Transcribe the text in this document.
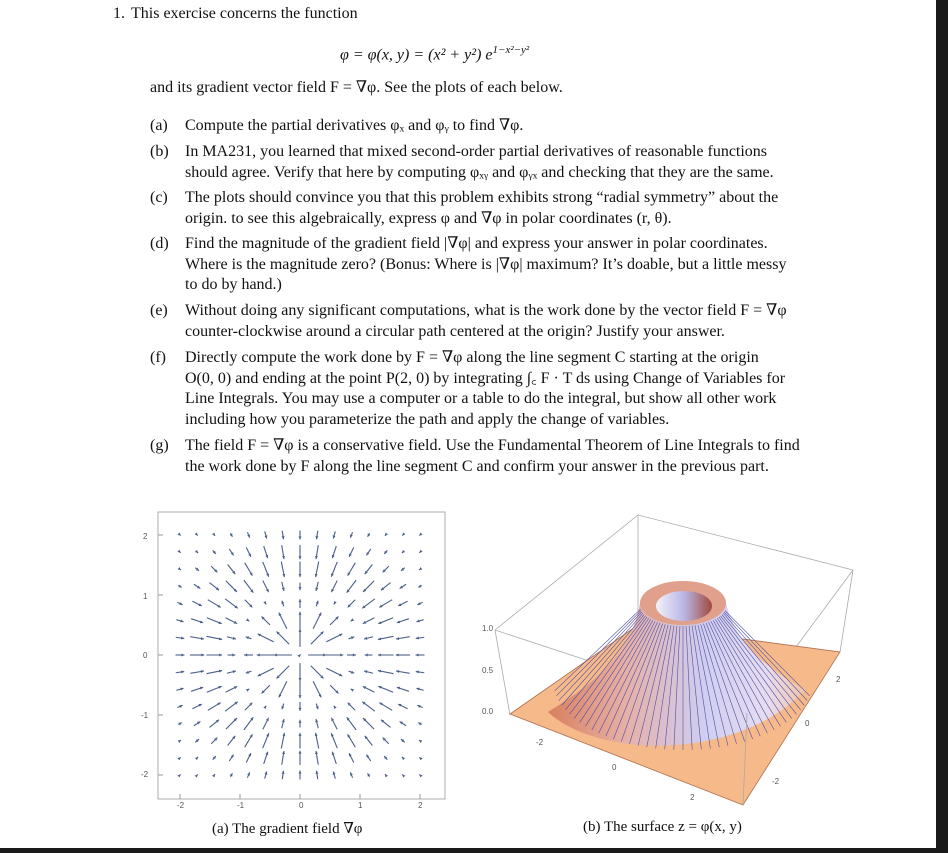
1. This exercise concerns the function
φ = φ(x, y) = (x² + y²) $e^{1-x^2-y^2}$
and its gradient vector field F = ∇φ. See the plots of each below.
(a) Compute the partial derivatives φₓ and φᵧ to find ∇φ.
(b) In MA231, you learned that mixed second-order partial derivatives of reasonable functions
should agree. Verify that here by computing φₓᵧ and φᵧₓ and checking that they are the same.
(c) The plots should convince you that this problem exhibits strong “radial symmetry” about the
origin. to see this algebraically, express φ and ∇φ in polar coordinates (r, θ).
(d) Find the magnitude of the gradient field |∇φ| and express your answer in polar coordinates.
Where is the magnitude zero? (Bonus: Where is |∇φ| maximum? It’s doable, but a little messy
to do by hand.)
(e) Without doing any significant computations, what is the work done by the vector field F = ∇φ
counter-clockwise around a circular path centered at the origin? Justify your answer.
(f) Directly compute the work done by F = ∇φ along the line segment C starting at the origin
O(0, 0) and ending at the point P(2, 0) by integrating ∫꜀ F · T ds using Change of Variables for
Line Integrals. You may use a computer or a table to do the integral, but show all other work
including how you parameterize the path and apply the change of variables.
(g) The field F = ∇φ is a conservative field. Use the Fundamental Theorem of Line Integrals to find
the work done by F along the line segment C and confirm your answer in the previous part.
2
1
0
-1
-2
-2	-1	0	1	2
(a) The gradient field ∇φ
1.0
0.5
0.0
-2
0
2
2
0
-2
(b) The surface z = φ(x, y)
